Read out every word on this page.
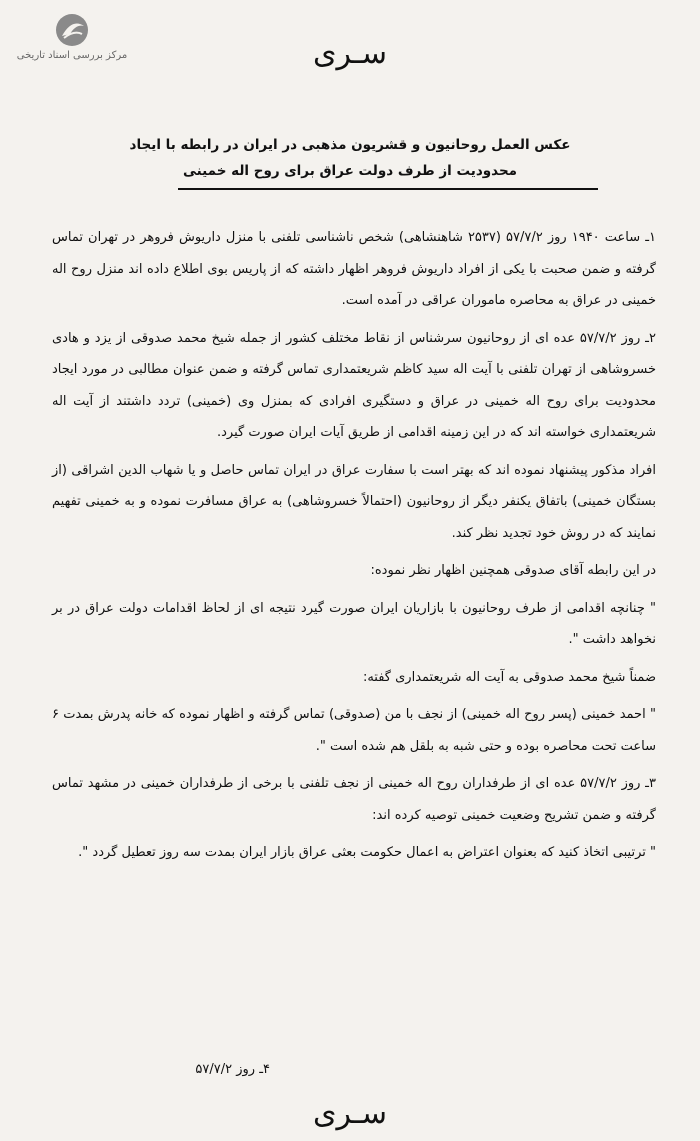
مرکز بررسی اسناد تاریخی	سـری
عکس العمل روحانیون و قشریون مذهبی در ایران در رابطه با ایجاد
محدودیت از طرف دولت عراق برای روح اله خمینی

۱ـ ساعت ۱۹۴۰ روز ۵۷/۷/۲ (۲۵۳۷ شاهنشاهی) شخص ناشناسی تلفنی با منزل داریوش فروهر در تهران تماس گرفته و ضمن صحبت با یکی از افراد داریوش فروهر اظهار داشته که از پاریس بوی اطلاع داده اند منزل روح اله خمینی در عراق به محاصره ماموران عراقی در آمده است.

۲ـ روز ۵۷/۷/۲ عده ای از روحانیون سرشناس از نقاط مختلف کشور از جمله شیخ محمد صدوقی از یزد و هادی خسروشاهی از تهران تلفنی با آیت اله سید کاظم شریعتمداری تماس گرفته و ضمن عنوان مطالبی در مورد ایجاد محدودیت برای روح اله خمینی در عراق و دستگیری افرادی که بمنزل وی (خمینی) تردد داشتند از آیت اله شریعتمداری خواسته اند که در این زمینه اقدامی از طریق آیات ایران صورت گیرد.

افراد مذکور پیشنهاد نموده اند که بهتر است با سفارت عراق در ایران تماس حاصل و یا شهاب الدین اشراقی (از بستگان خمینی) باتفاق یکنفر دیگر از روحانیون (احتمالاً خسروشاهی) به عراق مسافرت نموده و به خمینی تفهیم نمایند که در روش خود تجدید نظر کند.

در این رابطه آقای صدوقی همچنین اظهار نظر نموده:

" چنانچه اقدامی از طرف روحانیون با بازاریان ایران صورت گیرد نتیجه ای از لحاظ اقدامات دولت عراق در بر نخواهد داشت ".

ضمناً شیخ محمد صدوقی به آیت اله شریعتمداری گفته:

" احمد خمینی (پسر روح اله خمینی) از نجف با من (صدوقی) تماس گرفته و اظهار نموده که خانه پدرش بمدت ۶ ساعت تحت محاصره بوده و حتی شبه به بلقل هم شده است ".

۳ـ روز ۵۷/۷/۲ عده ای از طرفداران روح اله خمینی از نجف تلفنی با برخی از طرفداران خمینی در مشهد تماس گرفته و ضمن تشریح وضعیت خمینی توصیه کرده اند:

" ترتیبی اتخاذ کنید که بعنوان اعتراض به اعمال حکومت بعثی عراق بازار ایران بمدت سه روز تعطیل گردد ".

۴ـ روز ۵۷/۷/۲
سـری
